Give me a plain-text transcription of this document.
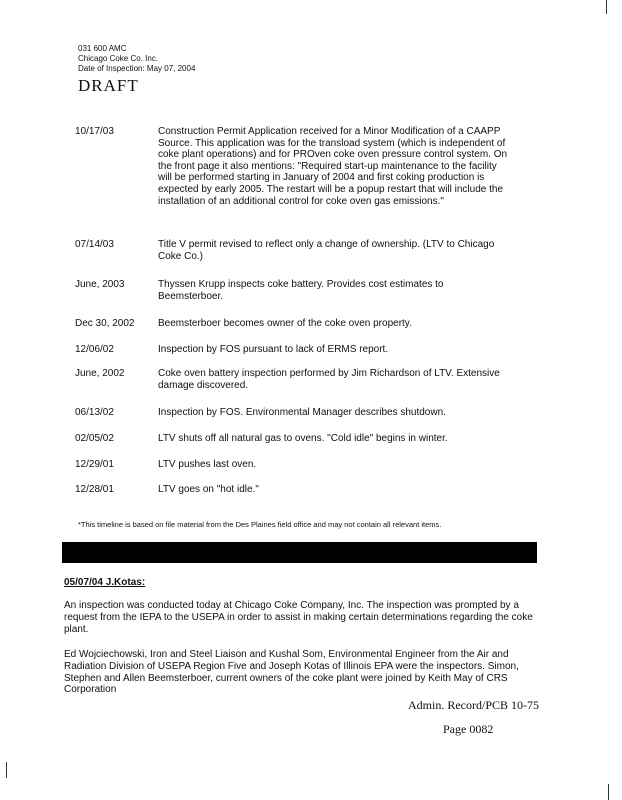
031 600 AMC
Chicago Coke Co. Inc.
Date of Inspection: May 07, 2004
DRAFT
10/17/03	Construction Permit Application received for a Minor Modification of a CAAPP Source. This application was for the transload system (which is independent of coke plant operations) and for PROven coke oven pressure control system. On the front page it also mentions: "Required start-up maintenance to the facility will be performed starting in January of 2004 and first coking production is expected by early 2005. The restart will be a popup restart that will include the installation of an additional control for coke oven gas emissions."
07/14/03	Title V permit revised to reflect only a change of ownership. (LTV to Chicago Coke Co.)
June, 2003	Thyssen Krupp inspects coke battery. Provides cost estimates to Beemsterboer.
Dec 30, 2002 Beemsterboer becomes owner of the coke oven property.
12/06/02	Inspection by FOS pursuant to lack of ERMS report.
June, 2002	Coke oven battery inspection performed by Jim Richardson of LTV. Extensive damage discovered.
06/13/02	Inspection by FOS. Environmental Manager describes shutdown.
02/05/02	LTV shuts off all natural gas to ovens. "Cold idle" begins in winter.
12/29/01	LTV pushes last oven.
12/28/01	LTV goes on "hot idle."
*This timeline is based on file material from the Des Plaines field office and may not contain all relevant items.
05/07/04 J.Kotas:
An inspection was conducted today at Chicago Coke Company, Inc. The inspection was prompted by a request from the IEPA to the USEPA in order to assist in making certain determinations regarding the coke plant.
Ed Wojciechowski, Iron and Steel Liaison and Kushal Som, Environmental Engineer from the Air and Radiation Division of USEPA Region Five and Joseph Kotas of Illinois EPA were the inspectors. Simon, Stephen and Allen Beemsterboer, current owners of the coke plant were joined by Keith May of CRS Corporation
Admin. Record/PCB 10-75
Page 0082
